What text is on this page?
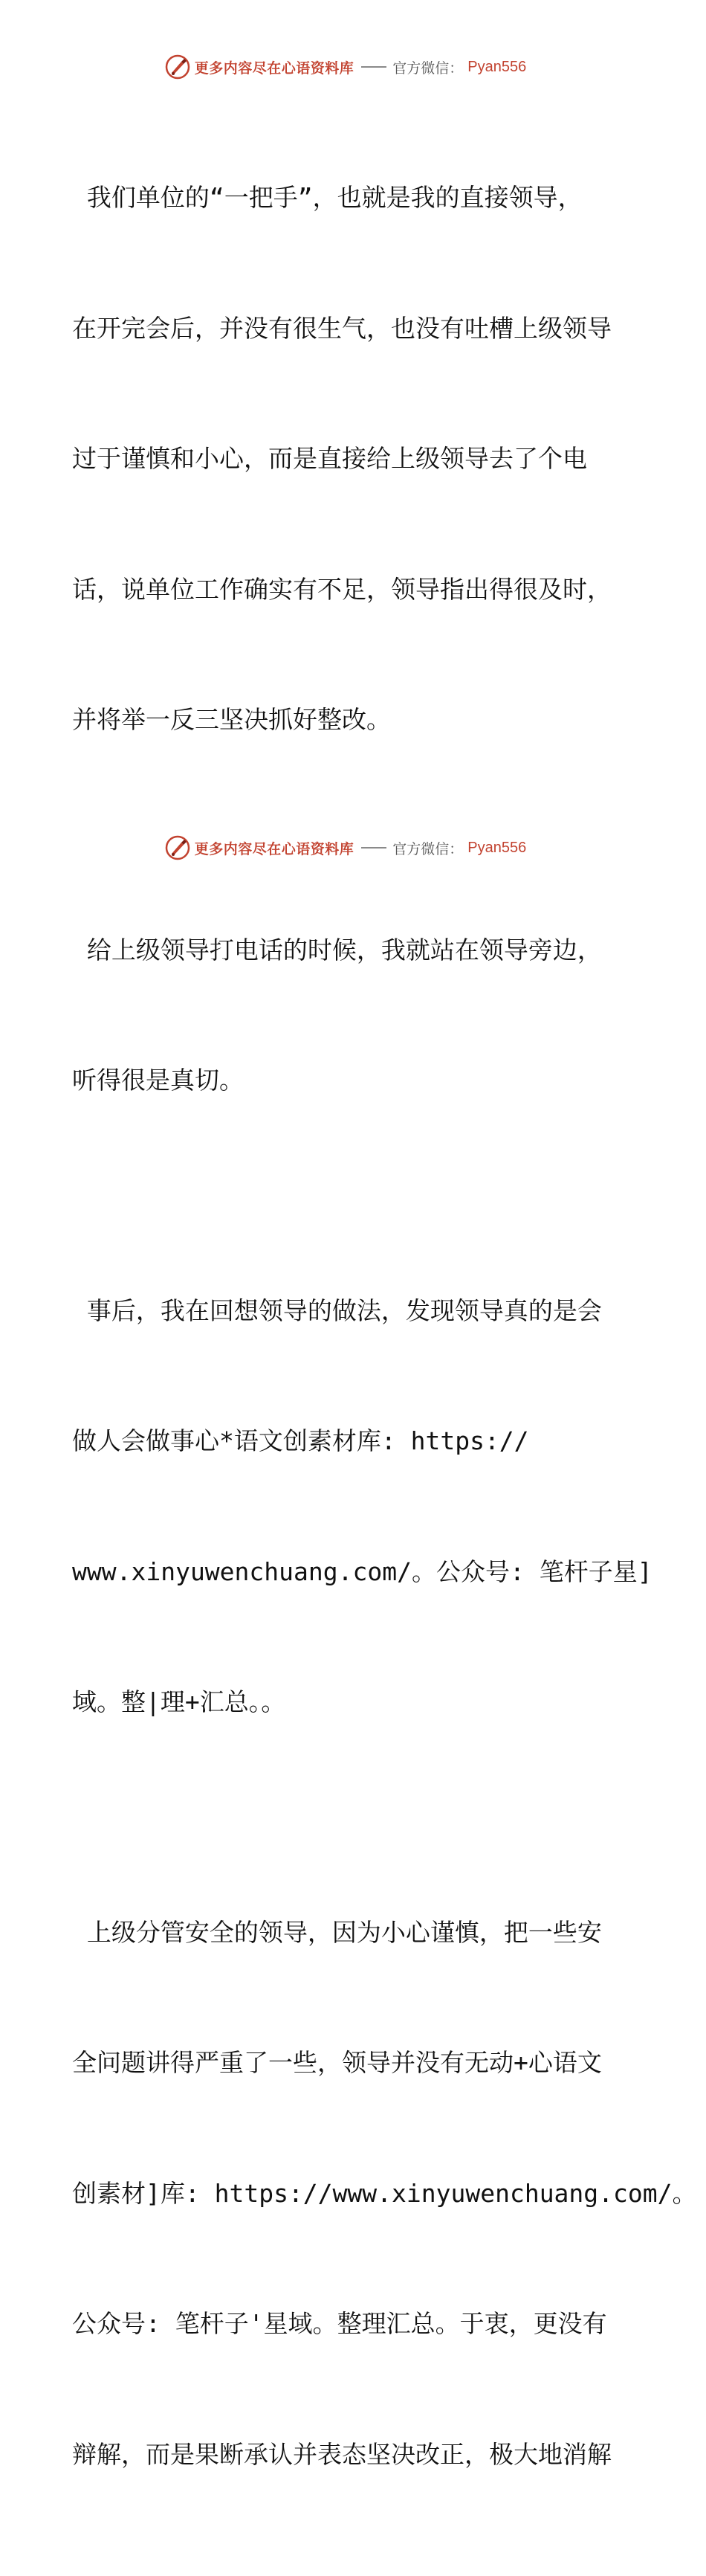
更多内容尽在心语资料库	官方微信： Pyan556

我们单位的“一把手”，也就是我的直接领导，

在开完会后，并没有很生气，也没有吐槽上级领导

过于谨慎和小心，而是直接给上级领导去了个电

话，说单位工作确实有不足，领导指出得很及时，

并将举一反三坚决抓好整改。

给上级领导打电话的时候，我就站在领导旁边，

听得很是真切。

事后，我在回想领导的做法，发现领导真的是会

做人会做事心*语文创素材库: https://

www.xinyuwenchuang.com/。公众号: 笔杆子星]

域。整|理+汇总。。

上级分管安全的领导，因为小心谨慎，把一些安

全问题讲得严重了一些，领导并没有无动+心语文

创素材]库: https://www.xinyuwenchuang.com/。

公众号: 笔杆子'星域。整理汇总。于衷，更没有

辩解，而是果断承认并表态坚决改正，极大地消解

更多内容尽在心语资料库	官方微信： Pyan556
